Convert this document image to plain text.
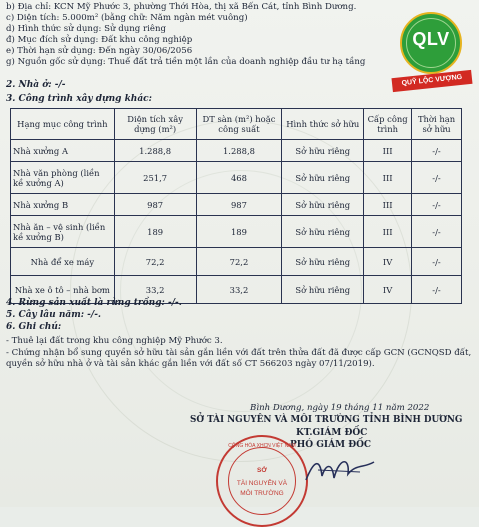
b) Địa chỉ: KCN Mỹ Phước 3, phường Thới Hòa, thị xã Bến Cát, tỉnh Bình Dương.
c) Diện tích: 5.000m² (bằng chữ: Năm ngàn mét vuông)
d) Hình thức sử dụng: Sử dụng riêng
đ) Mục đích sử dụng: Đất khu công nghiệp
e) Thời hạn sử dụng: Đến ngày 30/06/2056
g) Nguồn gốc sử dụng: Thuế đất trả tiền một lần của doanh nghiệp đầu tư hạ tầng
QLV
QUỸ LỘC VƯỢNG
2. Nhà ở: -/-
3. Công trình xây dựng khác:
Hạng mục công trình	Diện tích xây dựng (m²)	DT sàn (m²) hoặc công suất	Hình thức sở hữu	Cấp công trình	Thời hạn sở hữu
Nhà xưởng A	1.288,8	1.288,8	Sở hữu riêng	III	-/-
Nhà văn phòng (liền kề xưởng A)	251,7	468	Sở hữu riêng	III	-/-
Nhà xưởng B	987	987	Sở hữu riêng	III	-/-
Nhà ăn – vệ sinh (liền kề xưởng B)	189	189	Sở hữu riêng	III	-/-
Nhà để xe máy	72,2	72,2	Sở hữu riêng	IV	-/-
Nhà xe ô tô – nhà bơm	33,2	33,2	Sở hữu riêng	IV	-/-
4. Rừng sản xuất là rừng trồng: -/-.
5. Cây lâu năm: -/-.
6. Ghi chú:
- Thuê lại đất trong khu công nghiệp Mỹ Phước 3.
- Chứng nhận bổ sung quyền sở hữu tài sản gắn liền với đất trên thửa đất đã được cấp GCN (GCNQSD đất,
quyền sở hữu nhà ở và tài sản khác gắn liền với đất số CT 566203 ngày 07/11/2019).
Bình Dương, ngày 19 tháng 11 năm 2022
SỞ TÀI NGUYÊN VÀ MÔI TRƯỜNG TỈNH BÌNH DƯƠNG
KT.GIÁM ĐỐC
PHÓ GIÁM ĐỐC
CỘNG HÒA XHCN VIỆT NAM
SỞ
TÀI NGUYÊN VÀ
MÔI TRƯỜNG
